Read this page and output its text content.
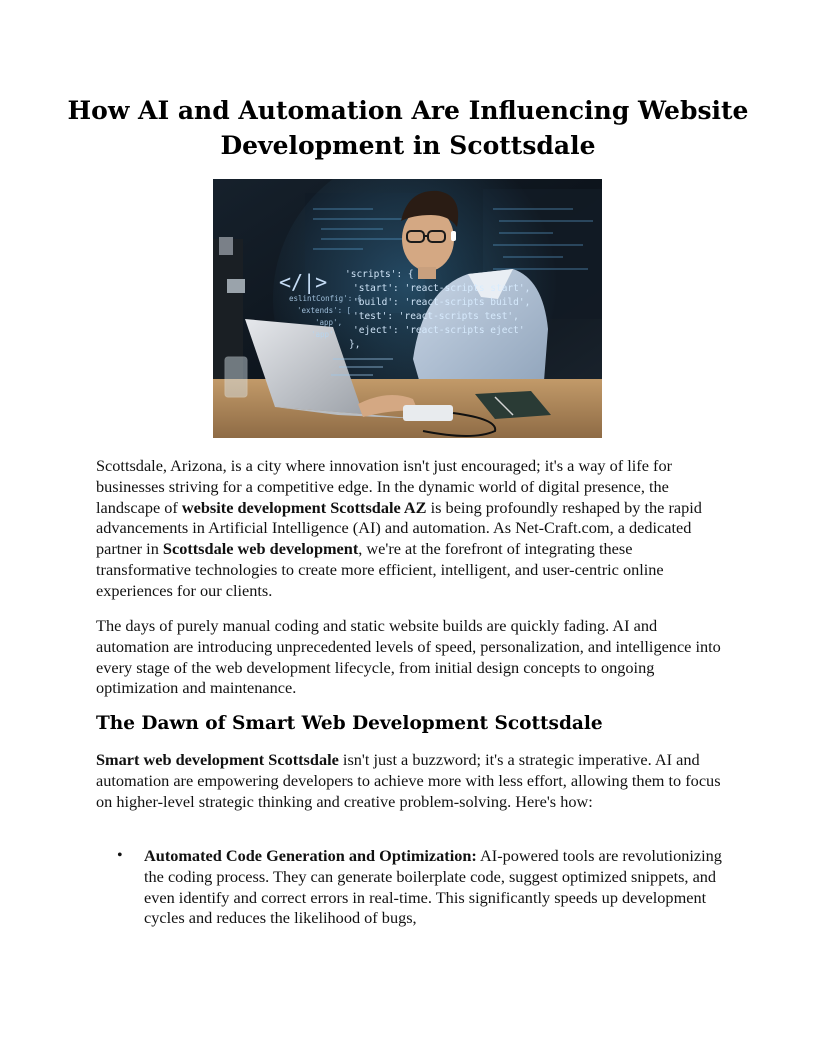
How AI and Automation Are Influencing Website Development in Scottsdale
</|> 'scripts': {
'start': 'react-scripts start',
'build': 'react-scripts build',
'test': 'react-scripts test',
'eject': 'react-scripts eject'
},
eslintConfig': {
'extends': [
'app',
'app'

Scottsdale, Arizona, is a city where innovation isn't just encouraged; it's a way of life for businesses striving for a competitive edge. In the dynamic world of digital presence, the landscape of website development Scottsdale AZ is being profoundly reshaped by the rapid advancements in Artificial Intelligence (AI) and automation. As Net-Craft.com, a dedicated partner in Scottsdale web development, we're at the forefront of integrating these transformative technologies to create more efficient, intelligent, and user-centric online experiences for our clients.

The days of purely manual coding and static website builds are quickly fading. AI and automation are introducing unprecedented levels of speed, personalization, and intelligence into every stage of the web development lifecycle, from initial design concepts to ongoing optimization and maintenance.

The Dawn of Smart Web Development Scottsdale

Smart web development Scottsdale isn't just a buzzword; it's a strategic imperative. AI and automation are empowering developers to achieve more with less effort, allowing them to focus on higher-level strategic thinking and creative problem-solving. Here's how:

• Automated Code Generation and Optimization: AI-powered tools are revolutionizing the coding process. They can generate boilerplate code, suggest optimized snippets, and even identify and correct errors in real-time. This significantly speeds up development cycles and reduces the likelihood of bugs,
